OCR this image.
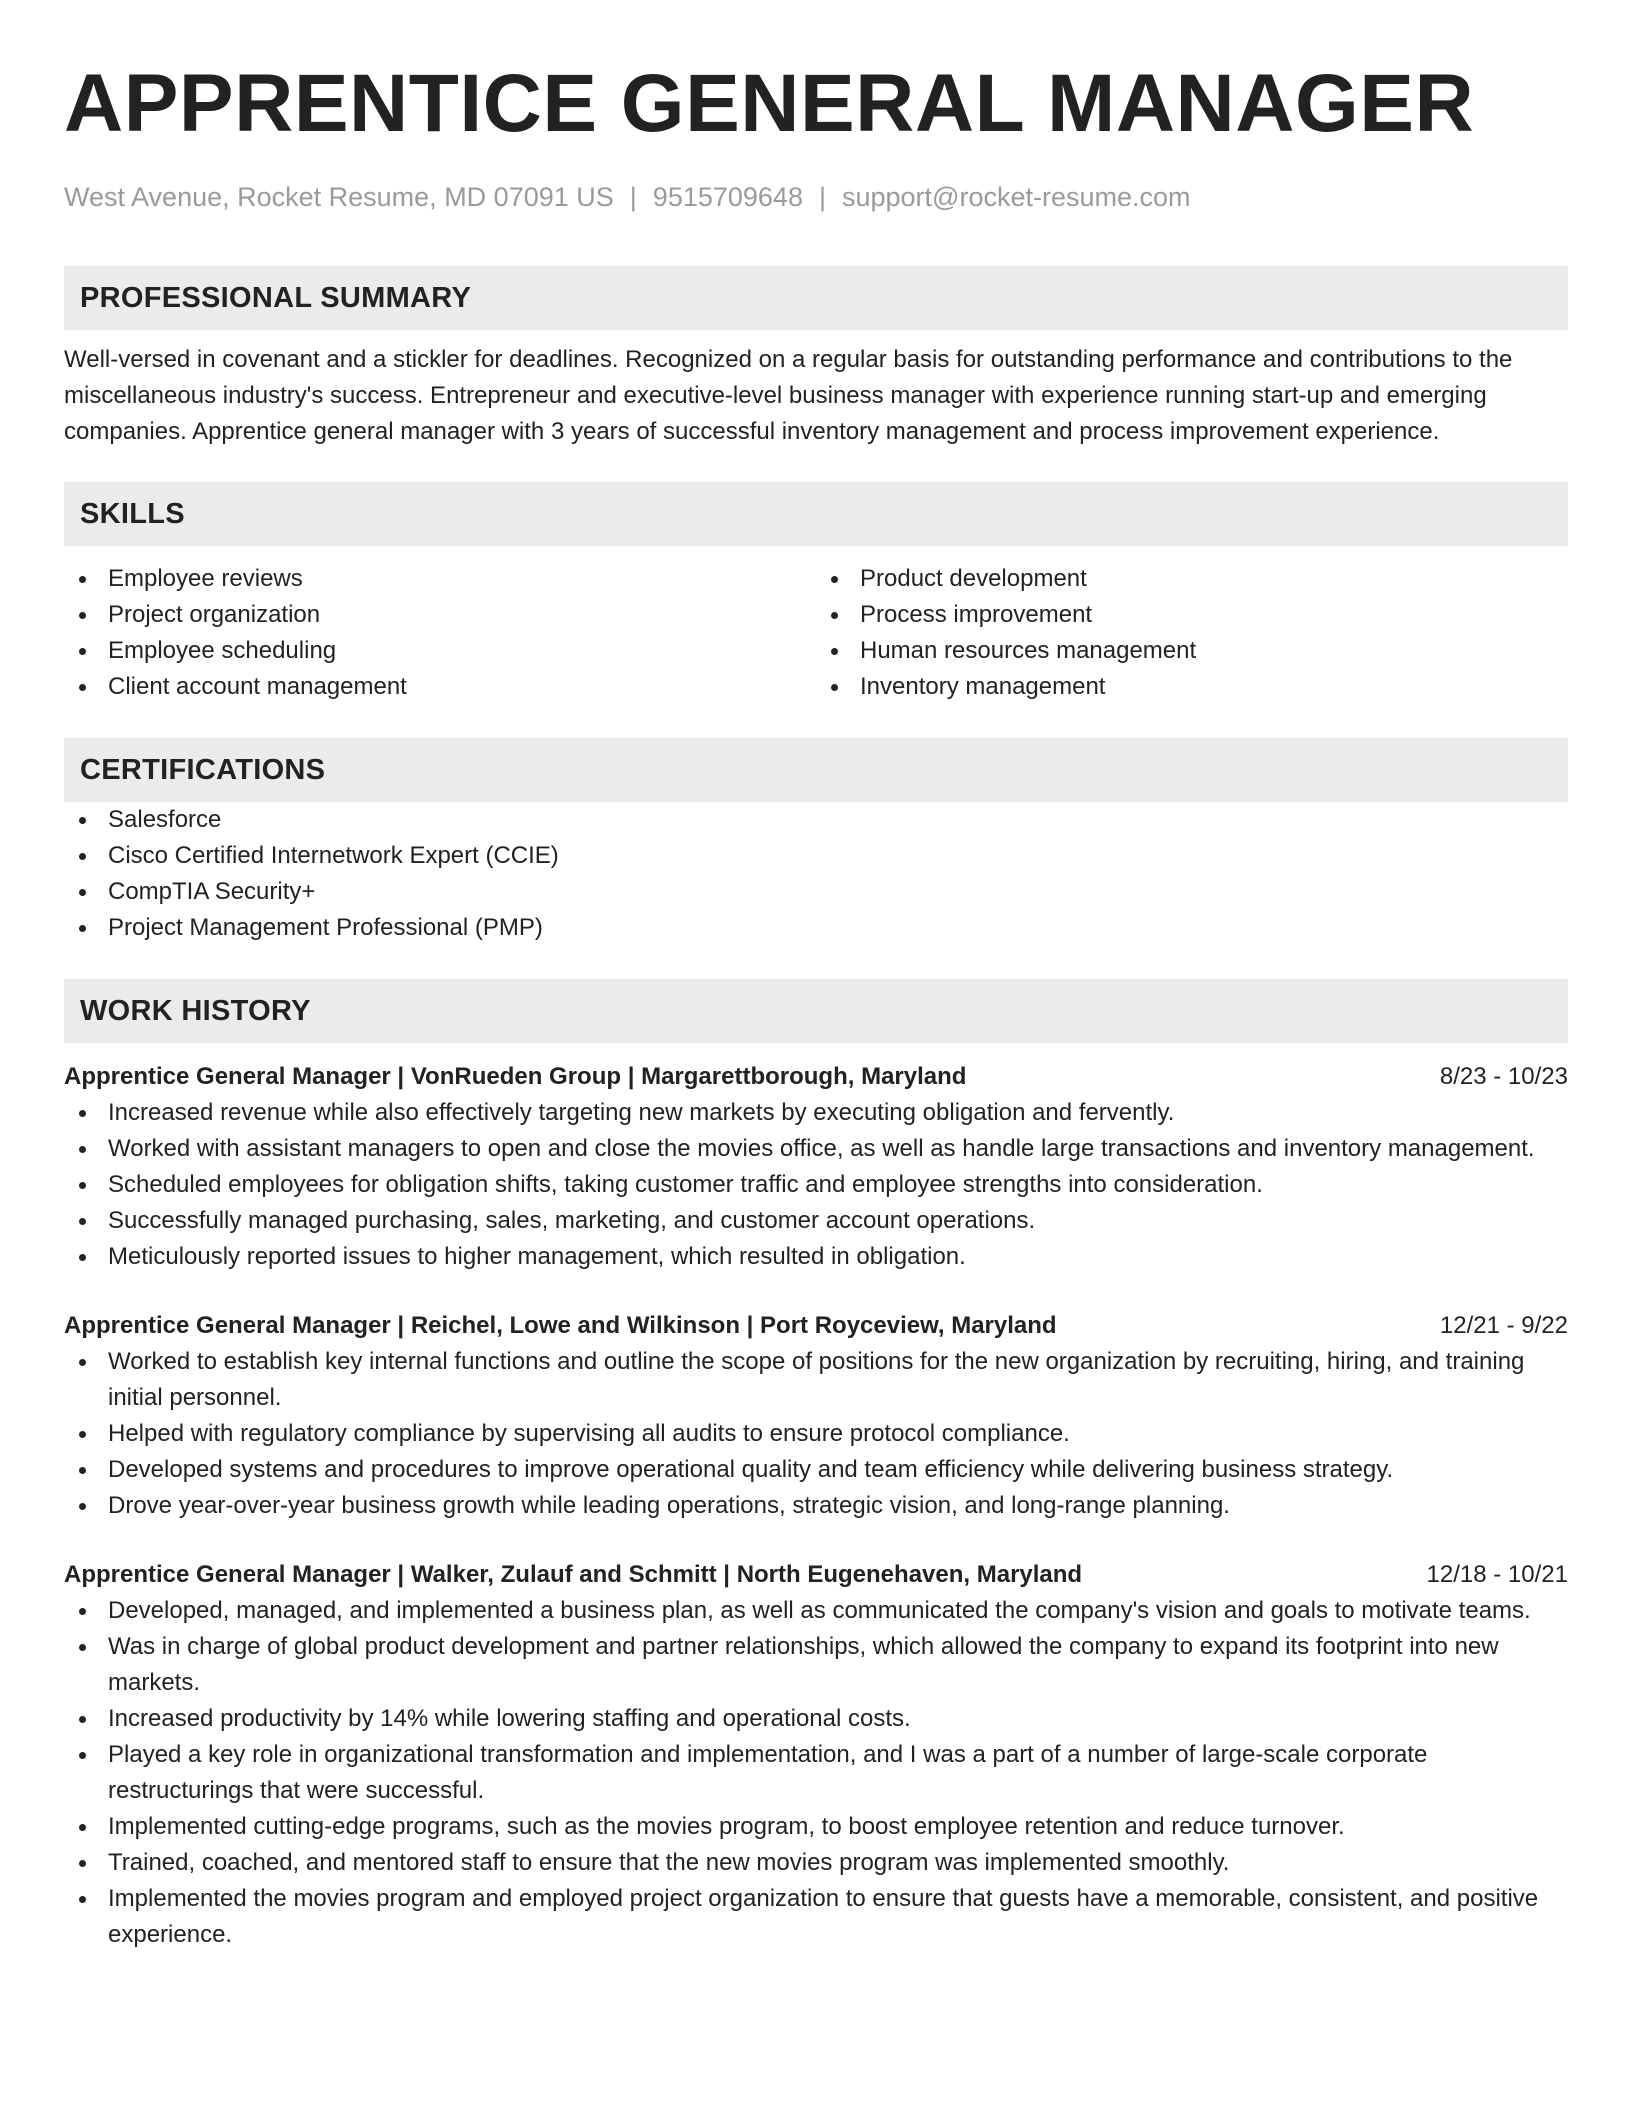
APPRENTICE GENERAL MANAGER
West Avenue, Rocket Resume, MD 07091 US | 9515709648 | support@rocket-resume.com
PROFESSIONAL SUMMARY
Well-versed in covenant and a stickler for deadlines. Recognized on a regular basis for outstanding performance and contributions to the miscellaneous industry's success. Entrepreneur and executive-level business manager with experience running start-up and emerging companies. Apprentice general manager with 3 years of successful inventory management and process improvement experience.
SKILLS
Employee reviews
Project organization
Employee scheduling
Client account management
Product development
Process improvement
Human resources management
Inventory management
CERTIFICATIONS
Salesforce
Cisco Certified Internetwork Expert (CCIE)
CompTIA Security+
Project Management Professional (PMP)
WORK HISTORY
Apprentice General Manager | VonRueden Group | Margarettborough, Maryland	8/23 - 10/23
Increased revenue while also effectively targeting new markets by executing obligation and fervently.
Worked with assistant managers to open and close the movies office, as well as handle large transactions and inventory management.
Scheduled employees for obligation shifts, taking customer traffic and employee strengths into consideration.
Successfully managed purchasing, sales, marketing, and customer account operations.
Meticulously reported issues to higher management, which resulted in obligation.
Apprentice General Manager | Reichel, Lowe and Wilkinson | Port Royceview, Maryland	12/21 - 9/22
Worked to establish key internal functions and outline the scope of positions for the new organization by recruiting, hiring, and training initial personnel.
Helped with regulatory compliance by supervising all audits to ensure protocol compliance.
Developed systems and procedures to improve operational quality and team efficiency while delivering business strategy.
Drove year-over-year business growth while leading operations, strategic vision, and long-range planning.
Apprentice General Manager | Walker, Zulauf and Schmitt | North Eugenehaven, Maryland	12/18 - 10/21
Developed, managed, and implemented a business plan, as well as communicated the company's vision and goals to motivate teams.
Was in charge of global product development and partner relationships, which allowed the company to expand its footprint into new markets.
Increased productivity by 14% while lowering staffing and operational costs.
Played a key role in organizational transformation and implementation, and I was a part of a number of large-scale corporate restructurings that were successful.
Implemented cutting-edge programs, such as the movies program, to boost employee retention and reduce turnover.
Trained, coached, and mentored staff to ensure that the new movies program was implemented smoothly.
Implemented the movies program and employed project organization to ensure that guests have a memorable, consistent, and positive experience.
